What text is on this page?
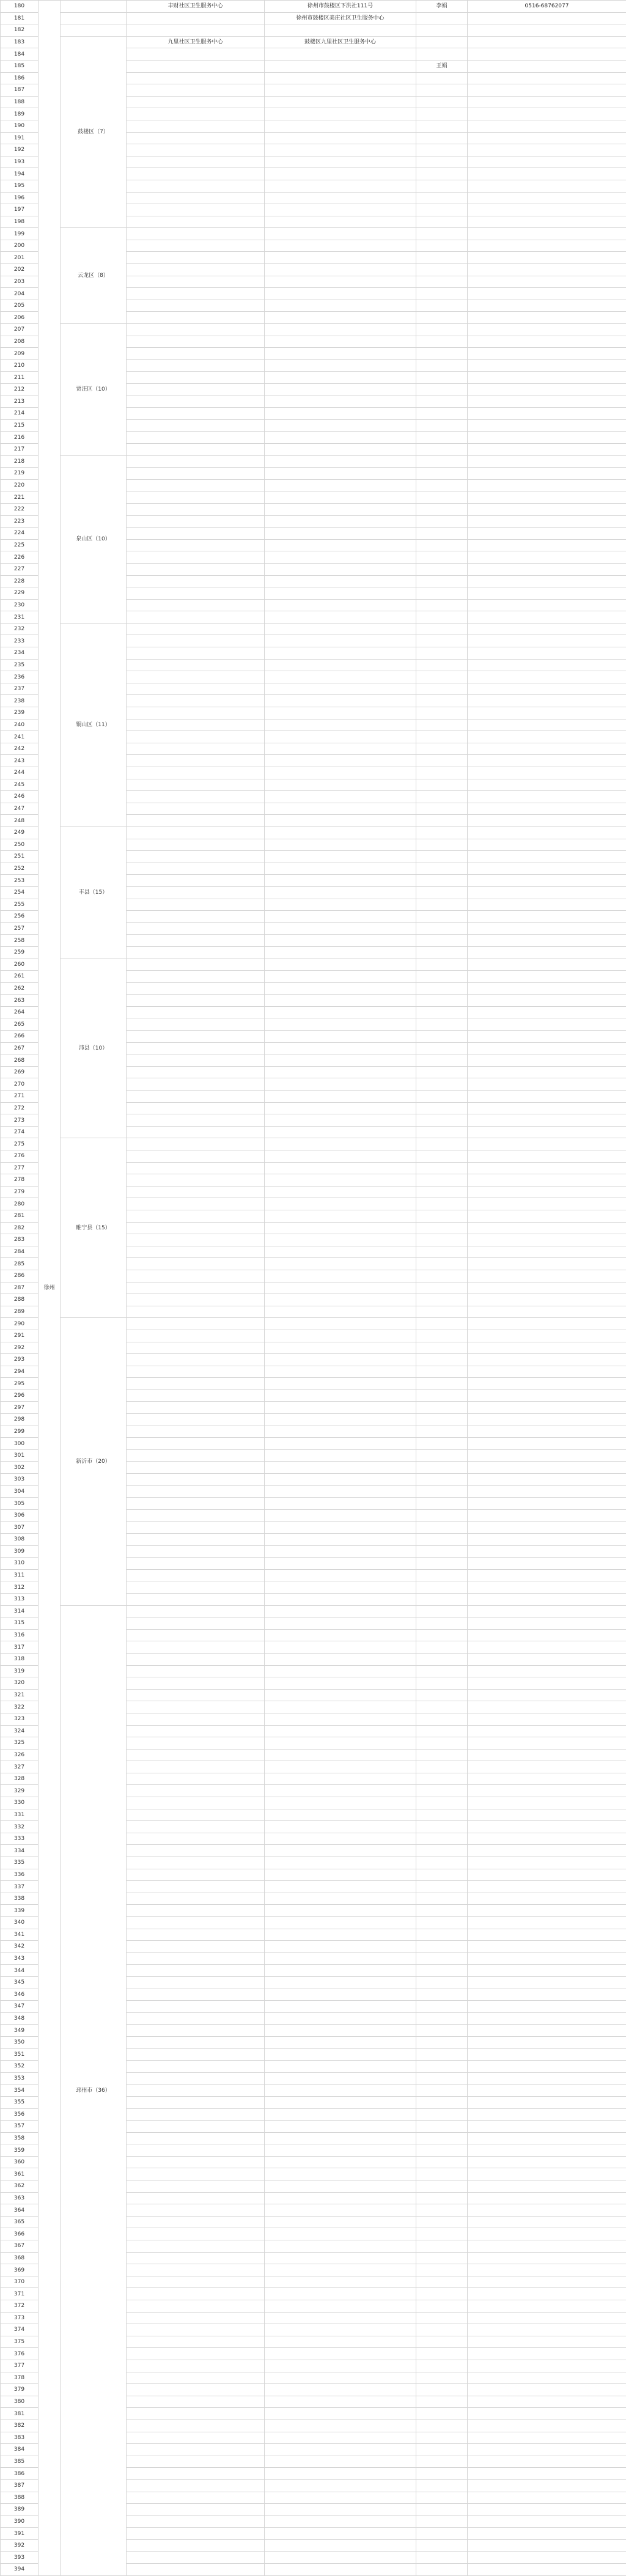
180	徐州		丰财社区卫生服务中心	徐州市鼓楼区下洪社111号	李娟	0516-68762077
181				徐州市鼓楼区美庄社区卫生服务中心		
182						
183		鼓楼区（7）	九里社区卫生服务中心	鼓楼区九里社区卫生服务中心		
184						
185					王娟	
186						
187						
188						
189						
190						
191						
192						
193						
194						
195						
196						
197						
198						
199		云龙区（8）				
200						
201						
202						
203						
204						
205						
206						
207		贾汪区（10）				
208						
209						
210						
211						
212						
213						
214						
215						
216						
217						
218		泉山区（10）				
219						
220						
221						
222						
223						
224						
225						
226						
227						
228						
229						
230						
231						
232		铜山区（11）				
233						
234						
235						
236						
237						
238						
239						
240						
241						
242						
243						
244						
245						
246						
247						
248						
249		丰县（15）				
250						
251						
252						
253						
254						
255						
256						
257						
258						
259						
260		沛县（10）				
261						
262						
263						
264						
265						
266						
267						
268						
269						
270						
271						
272						
273						
274						
275		睢宁县（15）				
276						
277						
278						
279						
280						
281						
282						
283						
284						
285						
286						
287						
288						
289						
290		新沂市（20）				
291						
292						
293						
294						
295						
296						
297						
298						
299						
300						
301						
302						
303						
304						
305						
306						
307						
308						
309						
310						
311						
312						
313						
314		邳州市（36）				
315						
316						
317						
318						
319						
320						
321						
322						
323						
324						
325						
326						
327						
328						
329						
330						
331						
332						
333						
334						
335						
336						
337						
338						
339						
340						
341						
342						
343						
344						
345						
346						
347						
348						
349						
350						
351						
352						
353						
354						
355						
356						
357						
358						
359						
360						
361						
362						
363						
364						
365						
366						
367						
368						
369						
370						
371						
372						
373						
374						
375						
376						
377						
378						
379						
380						
381						
382						
383						
384						
385						
386						
387						
388						
389						
390						
391						
392						
393						
394						
